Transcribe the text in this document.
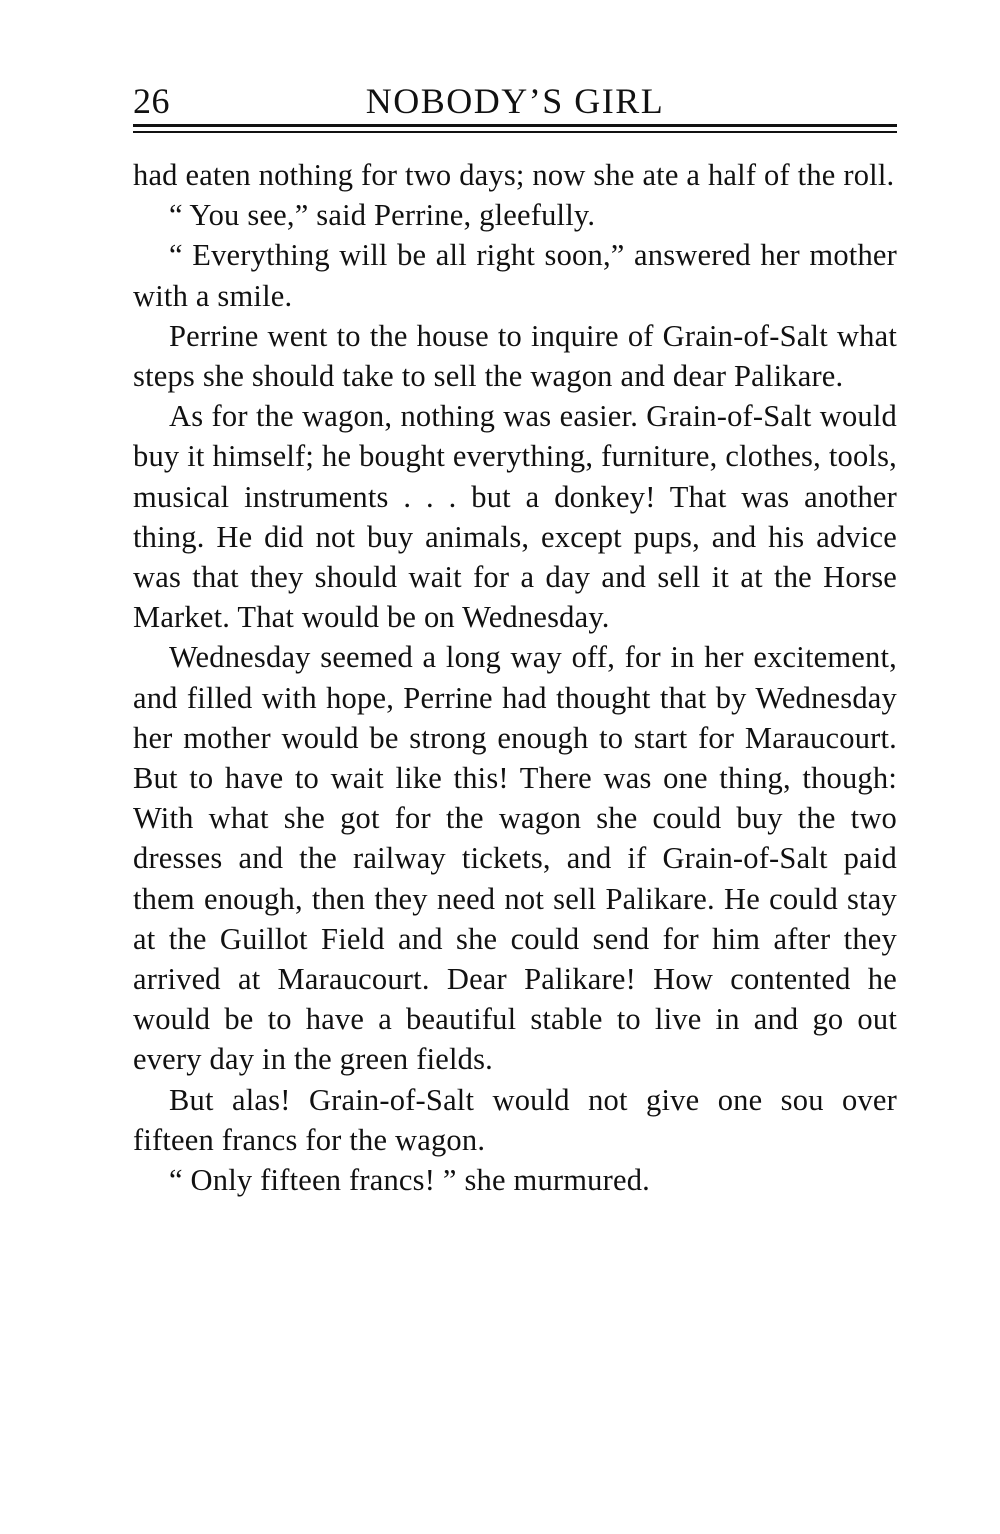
26	NOBODY’S GIRL

had eaten nothing for two days; now she ate a half of the roll.

“ You see,” said Perrine, gleefully.

“ Everything will be all right soon,” answered her mother with a smile.

Perrine went to the house to inquire of Grain-of-Salt what steps she should take to sell the wagon and dear Palikare.

As for the wagon, nothing was easier. Grain-of-Salt would buy it himself; he bought everything, furniture, clothes, tools, musical instruments . . . but a donkey! That was another thing. He did not buy animals, except pups, and his advice was that they should wait for a day and sell it at the Horse Market. That would be on Wednesday.

Wednesday seemed a long way off, for in her excitement, and filled with hope, Perrine had thought that by Wednesday her mother would be strong enough to start for Maraucourt. But to have to wait like this! There was one thing, though: With what she got for the wagon she could buy the two dresses and the railway tickets, and if Grain-of-Salt paid them enough, then they need not sell Palikare. He could stay at the Guillot Field and she could send for him after they arrived at Maraucourt. Dear Palikare! How contented he would be to have a beautiful stable to live in and go out every day in the green fields.

But alas! Grain-of-Salt would not give one sou over fifteen francs for the wagon.

“ Only fifteen francs! ” she murmured.
